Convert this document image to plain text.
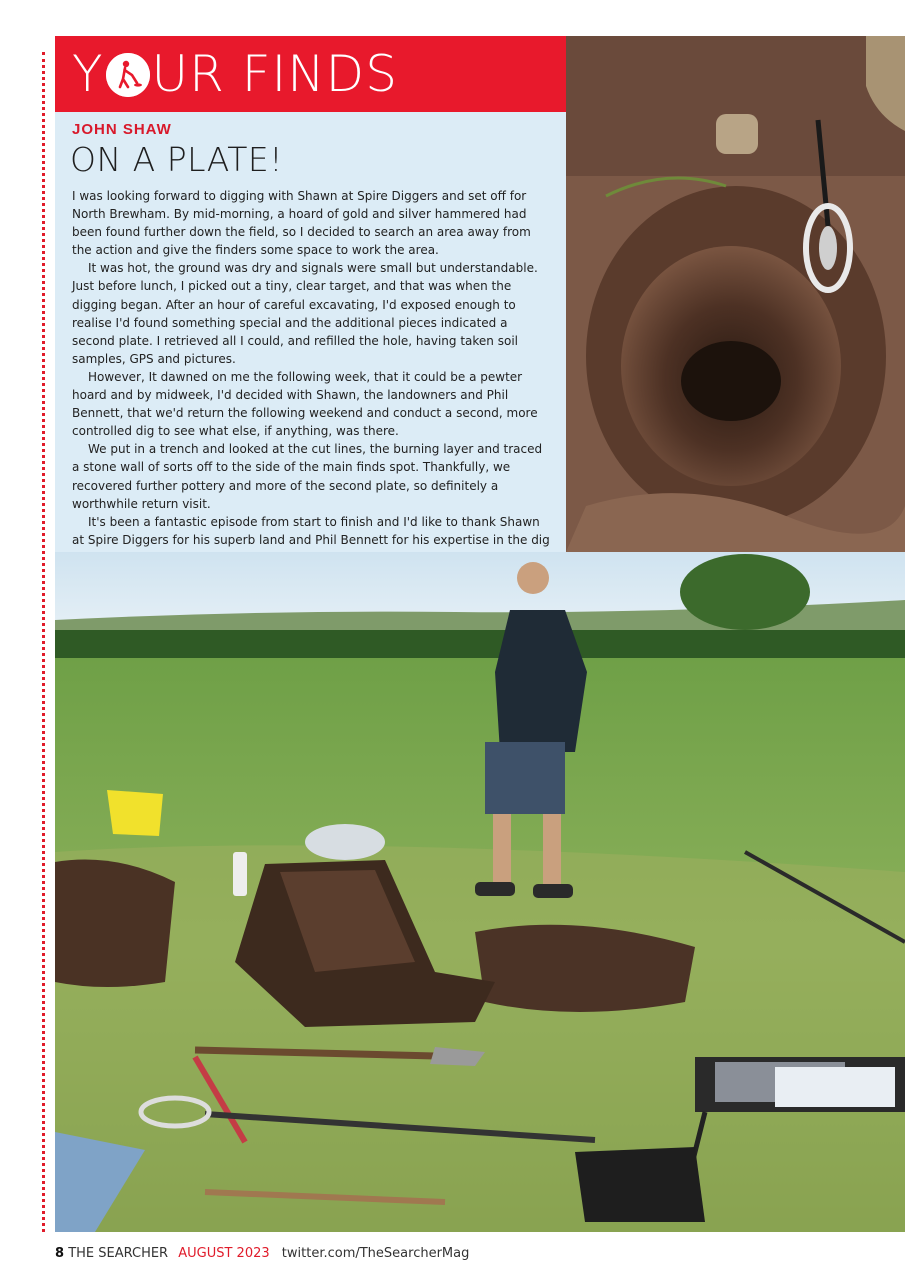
Y UR FINDS
JOHN SHAW
ON A PLATE!

I was looking forward to digging with Shawn at Spire Diggers and set off for North Brewham. By mid-morning, a hoard of gold and silver hammered had been found further down the field, so I decided to search an area away from the action and give the finders some space to work the area.

It was hot, the ground was dry and signals were small but understandable. Just before lunch, I picked out a tiny, clear target, and that was when the digging began. After an hour of careful excavating, I'd exposed enough to realise I'd found something special and the additional pieces indicated a second plate. I retrieved all I could, and refilled the hole, having taken soil samples, GPS and pictures.

However, It dawned on me the following week, that it could be a pewter hoard and by midweek, I'd decided with Shawn, the landowners and Phil Bennett, that we'd return the following weekend and conduct a second, more controlled dig to see what else, if anything, was there.

We put in a trench and looked at the cut lines, the burning layer and traced a stone wall of sorts off to the side of the main finds spot. Thankfully, we recovered further pottery and more of the second plate, so definitely a worthwhile return visit.

It's been a fantastic episode from start to finish and I'd like to thank Shawn at Spire Diggers for his superb land and Phil Bennett for his expertise in the dig

8 THE SEARCHER AUGUST 2023 twitter.com/TheSearcherMag
